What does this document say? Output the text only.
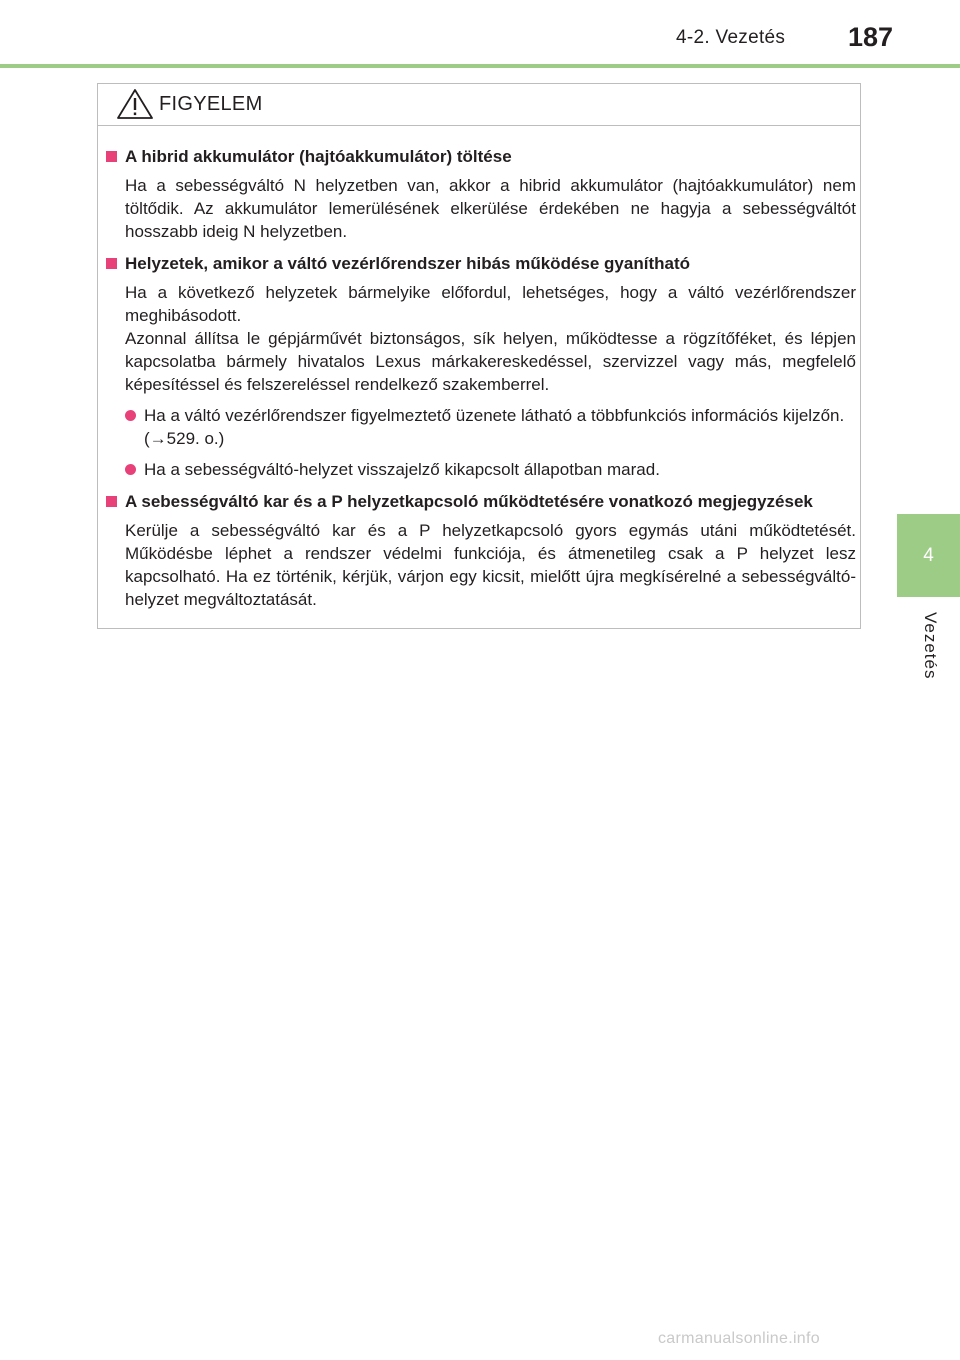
4-2. Vezetés 187
4
Vezetés
FIGYELEM
A hibrid akkumulátor (hajtóakkumulátor) töltése

Ha a sebességváltó N helyzetben van, akkor a hibrid akkumulátor (hajtóakkumulátor) nem töltődik. Az akkumulátor lemerülésének elkerülése érdekében ne hagyja a sebességváltót hosszabb ideig N helyzetben.

Helyzetek, amikor a váltó vezérlőrendszer hibás működése gyanítható

Ha a következő helyzetek bármelyike előfordul, lehetséges, hogy a váltó vezérlőrendszer meghibásodott.

Azonnal állítsa le gépjárművét biztonságos, sík helyen, működtesse a rögzítőféket, és lépjen kapcsolatba bármely hivatalos Lexus márkakereskedéssel, szervizzel vagy más, megfelelő képesítéssel és felszereléssel rendelkező szakemberrel.

Ha a váltó vezérlőrendszer figyelmeztető üzenete látható a többfunkciós információs kijelzőn. (→529. o.)
Ha a sebességváltó-helyzet visszajelző kikapcsolt állapotban marad.
A sebességváltó kar és a P helyzetkapcsoló működtetésére vonatkozó megjegyzések

Kerülje a sebességváltó kar és a P helyzetkapcsoló gyors egymás utáni működtetését. Működésbe léphet a rendszer védelmi funkciója, és átmenetileg csak a P helyzet lesz kapcsolható. Ha ez történik, kérjük, várjon egy kicsit, mielőtt újra megkísérelné a sebességváltó-helyzet megváltoztatását.

carmanualsonline.info
